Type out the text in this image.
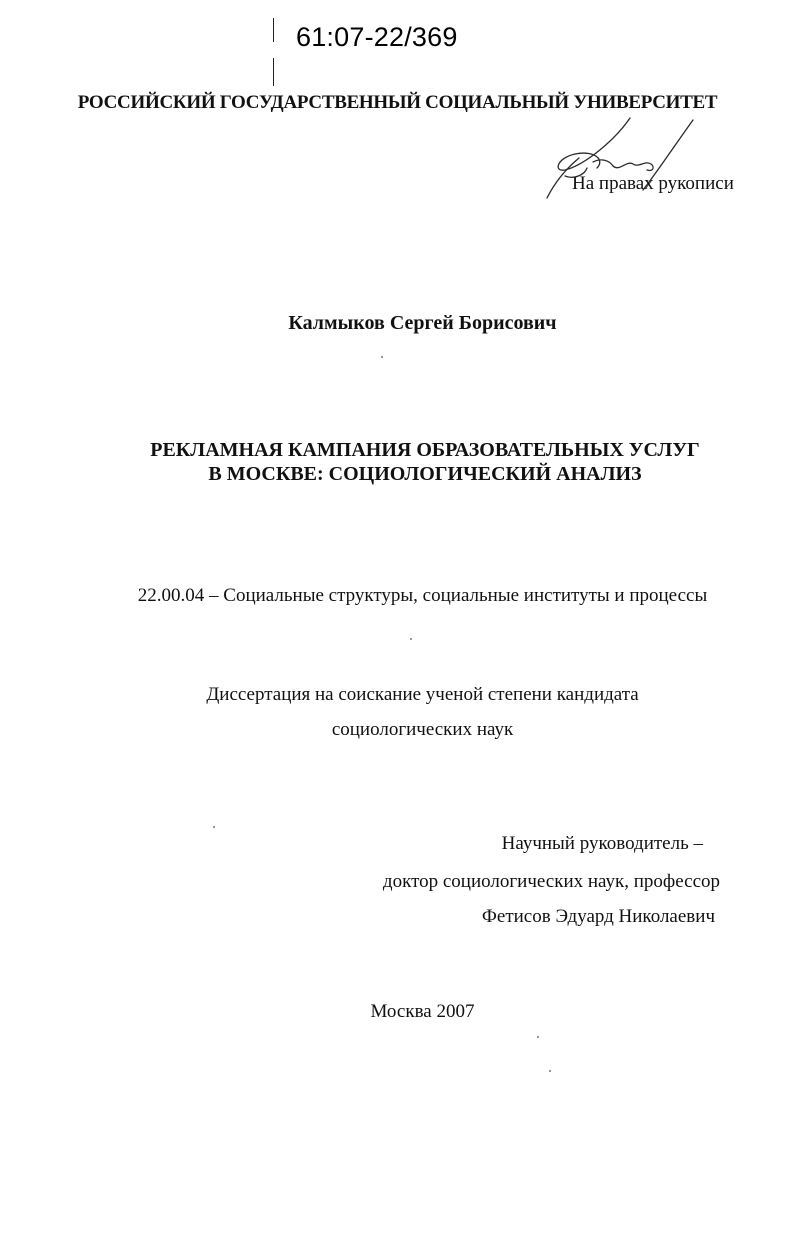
61:07-22/369
РОССИЙСКИЙ ГОСУДАРСТВЕННЫЙ СОЦИАЛЬНЫЙ УНИВЕРСИТЕТ
На правах рукописи
Калмыков Сергей Борисович
РЕКЛАМНАЯ КАМПАНИЯ ОБРАЗОВАТЕЛЬНЫХ УСЛУГ
В МОСКВЕ: СОЦИОЛОГИЧЕСКИЙ АНАЛИЗ
22.00.04 – Социальные структуры, социальные институты и процессы
Диссертация на соискание ученой степени кандидата
социологических наук
Научный руководитель –
доктор социологических наук, профессор
Фетисов Эдуард Николаевич
Москва 2007
